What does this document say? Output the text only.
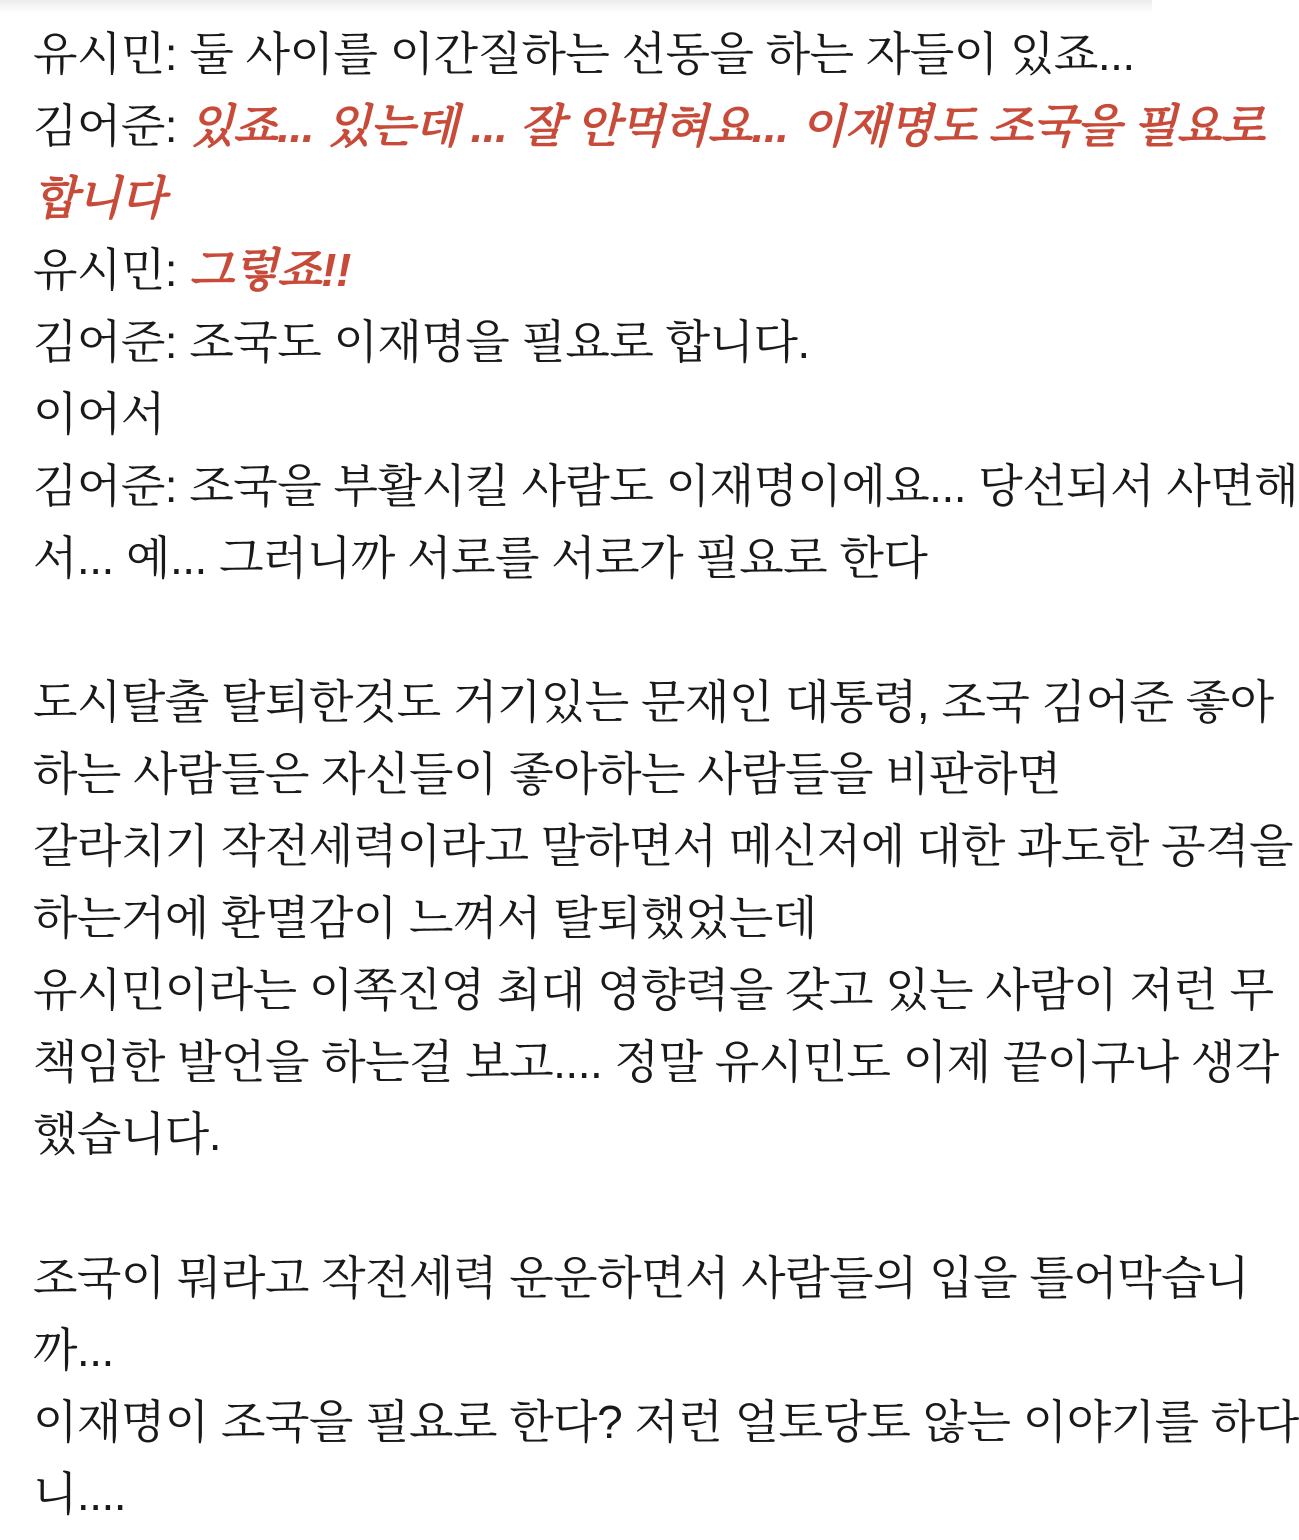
유시민: 둘 사이를 이간질하는 선동을 하는 자들이 있죠...
김어준: 있죠... 있는데 ... 잘 안먹혀요... 이재명도 조국을 필요로
합니다
유시민: 그렇죠!!
김어준: 조국도 이재명을 필요로 합니다.
이어서
김어준: 조국을 부활시킬 사람도 이재명이에요... 당선되서 사면해
서... 예... 그러니까 서로를 서로가 필요로 한다

도시탈출 탈퇴한것도 거기있는 문재인 대통령, 조국 김어준 좋아
하는 사람들은 자신들이 좋아하는 사람들을 비판하면
갈라치기 작전세력이라고 말하면서 메신저에 대한 과도한 공격을
하는거에 환멸감이 느껴서 탈퇴했었는데
유시민이라는 이쪽진영 최대 영향력을 갖고 있는 사람이 저런 무
책임한 발언을 하는걸 보고.... 정말 유시민도 이제 끝이구나 생각
했습니다.

조국이 뭐라고 작전세력 운운하면서 사람들의 입을 틀어막습니
까...
이재명이 조국을 필요로 한다? 저런 얼토당토 않는 이야기를 하다
니....
